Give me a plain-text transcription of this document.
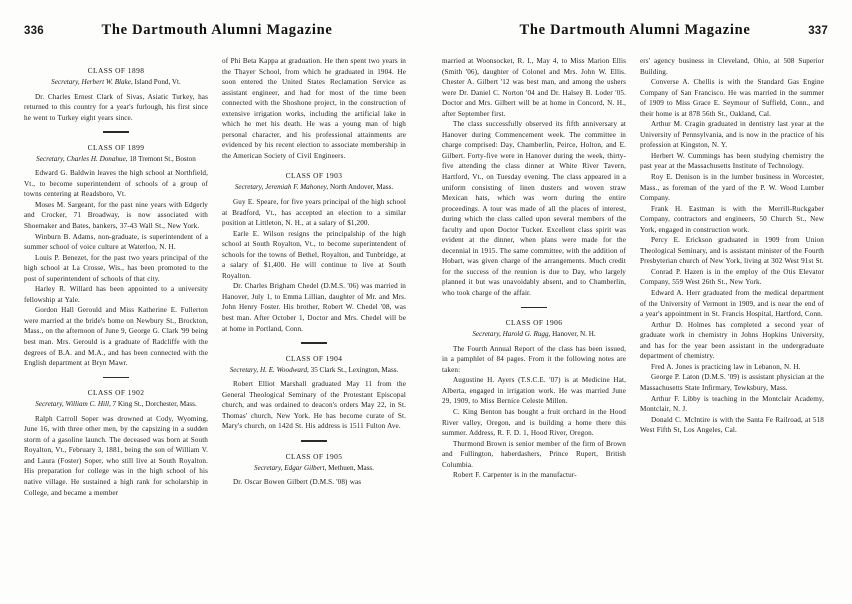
336	The Dartmouth Alumni Magazine
CLASS OF 1898
Secretary, Herbert W. Blake, Island Pond, Vt.

Dr. Charles Ernest Clark of Sivas, Asiatic Turkey, has returned to this country for a year's furlough, his first since he went to Turkey eight years since.

CLASS OF 1899
Secretary, Charles H. Donahue, 18 Tremont St., Boston

Edward G. Baldwin leaves the high school at Northfield, Vt., to become superintendent of schools of a group of towns centering at Readsboro, Vt.

Moses M. Sargeant, for the past nine years with Edgerly and Crocker, 71 Broadway, is now associated with Shoemaker and Bates, bankers, 37-43 Wall St., New York.

Winburn B. Adams, non-graduate, is superintendent of a summer school of voice culture at Waterloo, N. H.

Louis P. Benezet, for the past two years principal of the high school at La Crosse, Wis., has been promoted to the post of superintendent of schools of that city.

Harley R. Willard has been appointed to a university fellowship at Yale.

Gordon Hall Gerould and Miss Katherine E. Fullerton were married at the bride's home on Newbury St., Brockton, Mass., on the afternoon of June 9, George G. Clark '99 being best man. Mrs. Gerould is a graduate of Radcliffe with the degrees of B.A. and M.A., and has been connected with the English department at Bryn Mawr.

CLASS OF 1902
Secretary, William C. Hill, 7 King St., Dorchester, Mass.

Ralph Carroll Soper was drowned at Cody, Wyoming, June 16, with three other men, by the capsizing in a sudden storm of a gasoline launch. The deceased was born at South Royalton, Vt., February 3, 1881, being the son of William V. and Laura (Foster) Soper, who still live at South Royalton. His preparation for college was in the high school of his native village. He sustained a high rank for scholarship in College, and became a member

of Phi Beta Kappa at graduation. He then spent two years in the Thayer School, from which he graduated in 1904. He soon entered the United States Reclamation Service as assistant engineer, and had for most of the time been connected with the Shoshone project, in the construction of extensive irrigation works, including the artificial lake in which he met his death. He was a young man of high personal character, and his professional attainments are evidenced by his recent election to associate membership in the American Society of Civil Engineers.

CLASS OF 1903
Secretary, Jeremiah F. Mahoney, North Andover, Mass.

Guy E. Speare, for five years principal of the high school at Bradford, Vt., has accepted an election to a similar position at Littleton, N. H., at a salary of $1,200.

Earle E. Wilson resigns the principalship of the high school at South Royalton, Vt., to become superintendent of schools for the towns of Bethel, Royalton, and Tunbridge, at a salary of $1,400. He will continue to live at South Royalton.

Dr. Charles Brigham Chedel (D.M.S. '06) was married in Hanover, July 1, to Emma Lillian, daughter of Mr. and Mrs. John Henry Foster. His brother, Robert W. Chedel '08, was best man. After October 1, Doctor and Mrs. Chedel will be at home in Portland, Conn.

CLASS OF 1904
Secretary, H. E. Woodward, 35 Clark St., Lexington, Mass.

Robert Elliot Marshall graduated May 11 from the General Theological Seminary of the Protestant Episcopal church, and was ordained to deacon's orders May 22, in St. Thomas' church, New York. He has become curate of St. Mary's church, on 142d St. His address is 1511 Fulton Ave.

CLASS OF 1905
Secretary, Edgar Gilbert, Methuen, Mass.

Dr. Oscar Bowen Gilbert (D.M.S. '08) was

The Dartmouth Alumni Magazine	337

married at Woonsocket, R. I., May 4, to Miss Marion Ellis (Smith '06), daughter of Colonel and Mrs. John W. Ellis. Chester A. Gilbert '12 was best man, and among the ushers were Dr. Daniel C. Norton '04 and Dr. Halsey B. Loder '05. Doctor and Mrs. Gilbert will be at home in Concord, N. H., after September first.

The class successfully observed its fifth anniversary at Hanover during Commencement week. The committee in charge comprised: Day, Chamberlin, Peirce, Holton, and E. Gilbert. Forty-five were in Hanover during the week, thirty-five attending the class dinner at White River Tavern, Hartford, Vt., on Tuesday evening. The class appeared in a uniform consisting of linen dusters and woven straw Mexican hats, which was worn during the entire proceedings. A tour was made of all the places of interest, during which the class called upon several members of the faculty and upon Doctor Tucker. Excellent class spirit was evident at the dinner, when plans were made for the decennial in 1915. The same committee, with the addition of Hobart, was given charge of the arrangements. Much credit for the success of the reunion is due to Day, who largely planned it but was unavoidably absent, and to Chamberlin, who took charge of the affair.

CLASS OF 1906
Secretary, Harold G. Rugg, Hanover, N. H.

The Fourth Annual Report of the class has been issued, in a pamphlet of 84 pages. From it the following notes are taken:

Augustine H. Ayers (T.S.C.E. '07) is at Medicine Hat, Alberta, engaged in irrigation work. He was married June 29, 1909, to Miss Bernice Celeste Millen.

C. King Benton has bought a fruit orchard in the Hood River valley, Oregon, and is building a home there this summer. Address, R. F. D. 1, Hood River, Oregon.

Thurmond Brown is senior member of the firm of Brown and Fullington, haberdashers, Prince Rupert, British Columbia.

Robert F. Carpenter is in the manufactur-

ers' agency business in Cleveland, Ohio, at 508 Superior Building.

Converse A. Chellis is with the Standard Gas Engine Company of San Francisco. He was married in the summer of 1909 to Miss Grace E. Seymour of Suffield, Conn., and their home is at 878 56th St., Oakland, Cal.

Arthur M. Cragin graduated in dentistry last year at the University of Pennsylvania, and is now in the practice of his profession at Kingston, N. Y.

Herbert W. Cummings has been studying chemistry the past year at the Massachusetts Institute of Technology.

Roy E. Denison is in the lumber business in Worcester, Mass., as foreman of the yard of the P. W. Wood Lumber Company.

Frank H. Eastman is with the Merrill-Ruckgaber Company, contractors and engineers, 50 Church St., New York, engaged in construction work.

Percy E. Erickson graduated in 1909 from Union Theological Seminary, and is assistant minister of the Fourth Presbyterian church of New York, living at 302 West 91st St.

Conrad P. Hazen is in the employ of the Otis Elevator Company, 559 West 26th St., New York.

Edward A. Herr graduated from the medical department of the University of Vermont in 1909, and is near the end of a year's appointment in St. Francis Hospital, Hartford, Conn.

Arthur D. Holmes has completed a second year of graduate work in chemistry in Johns Hopkins University, and has for the year been assistant in the undergraduate department of chemistry.

Fred A. Jones is practicing law in Lebanon, N. H.

George P. Laton (D.M.S. '09) is assistant physician at the Massachusetts State Infirmary, Tewksbury, Mass.

Arthur F. Libby is teaching in the Montclair Academy, Montclair, N. J.

Donald C. McIntire is with the Santa Fe Railroad, at 518 West Fifth St, Los Angeles, Cal.
